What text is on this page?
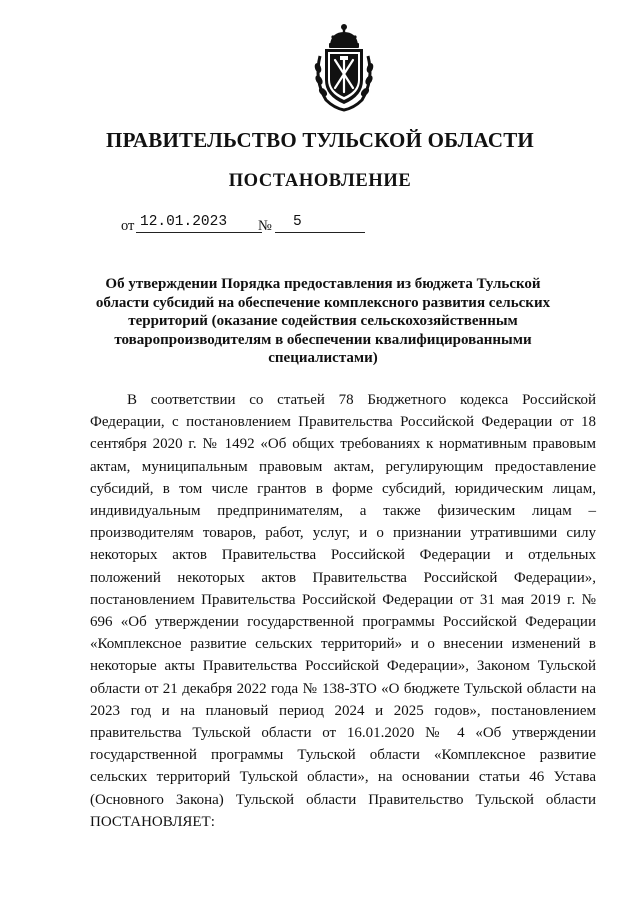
ПРАВИТЕЛЬСТВО ТУЛЬСКОЙ ОБЛАСТИ
ПОСТАНОВЛЕНИЕ
от 12.01.2023 № 5
Об утверждении Порядка предоставления из бюджета Тульской области субсидий на обеспечение комплексного развития сельских территорий (оказание содействия сельскохозяйственным товаропроизводителям в обеспечении квалифицированными специалистами)

В соответствии со статьей 78 Бюджетного кодекса Российской Федерации, с постановлением Правительства Российской Федерации от 18 сентября 2020 г. № 1492 «Об общих требованиях к нормативным правовым актам, муниципальным правовым актам, регулирующим предоставление субсидий, в том числе грантов в форме субсидий, юридическим лицам, индивидуальным предпринимателям, а также физическим лицам – производителям товаров, работ, услуг, и о признании утратившими силу некоторых актов Правительства Российской Федерации и отдельных положений некоторых актов Правительства Российской Федерации», постановлением Правительства Российской Федерации от 31 мая 2019 г. № 696 «Об утверждении государственной программы Российской Федерации «Комплексное развитие сельских территорий» и о внесении изменений в некоторые акты Правительства Российской Федерации», Законом Тульской области от 21 декабря 2022 года № 138-ЗТО «О бюджете Тульской области на 2023 год и на плановый период 2024 и 2025 годов», постановлением правительства Тульской области от 16.01.2020 № 4 «Об утверждении государственной программы Тульской области «Комплексное развитие сельских территорий Тульской области», на основании статьи 46 Устава (Основного Закона) Тульской области Правительство Тульской области ПОСТАНОВЛЯЕТ:
